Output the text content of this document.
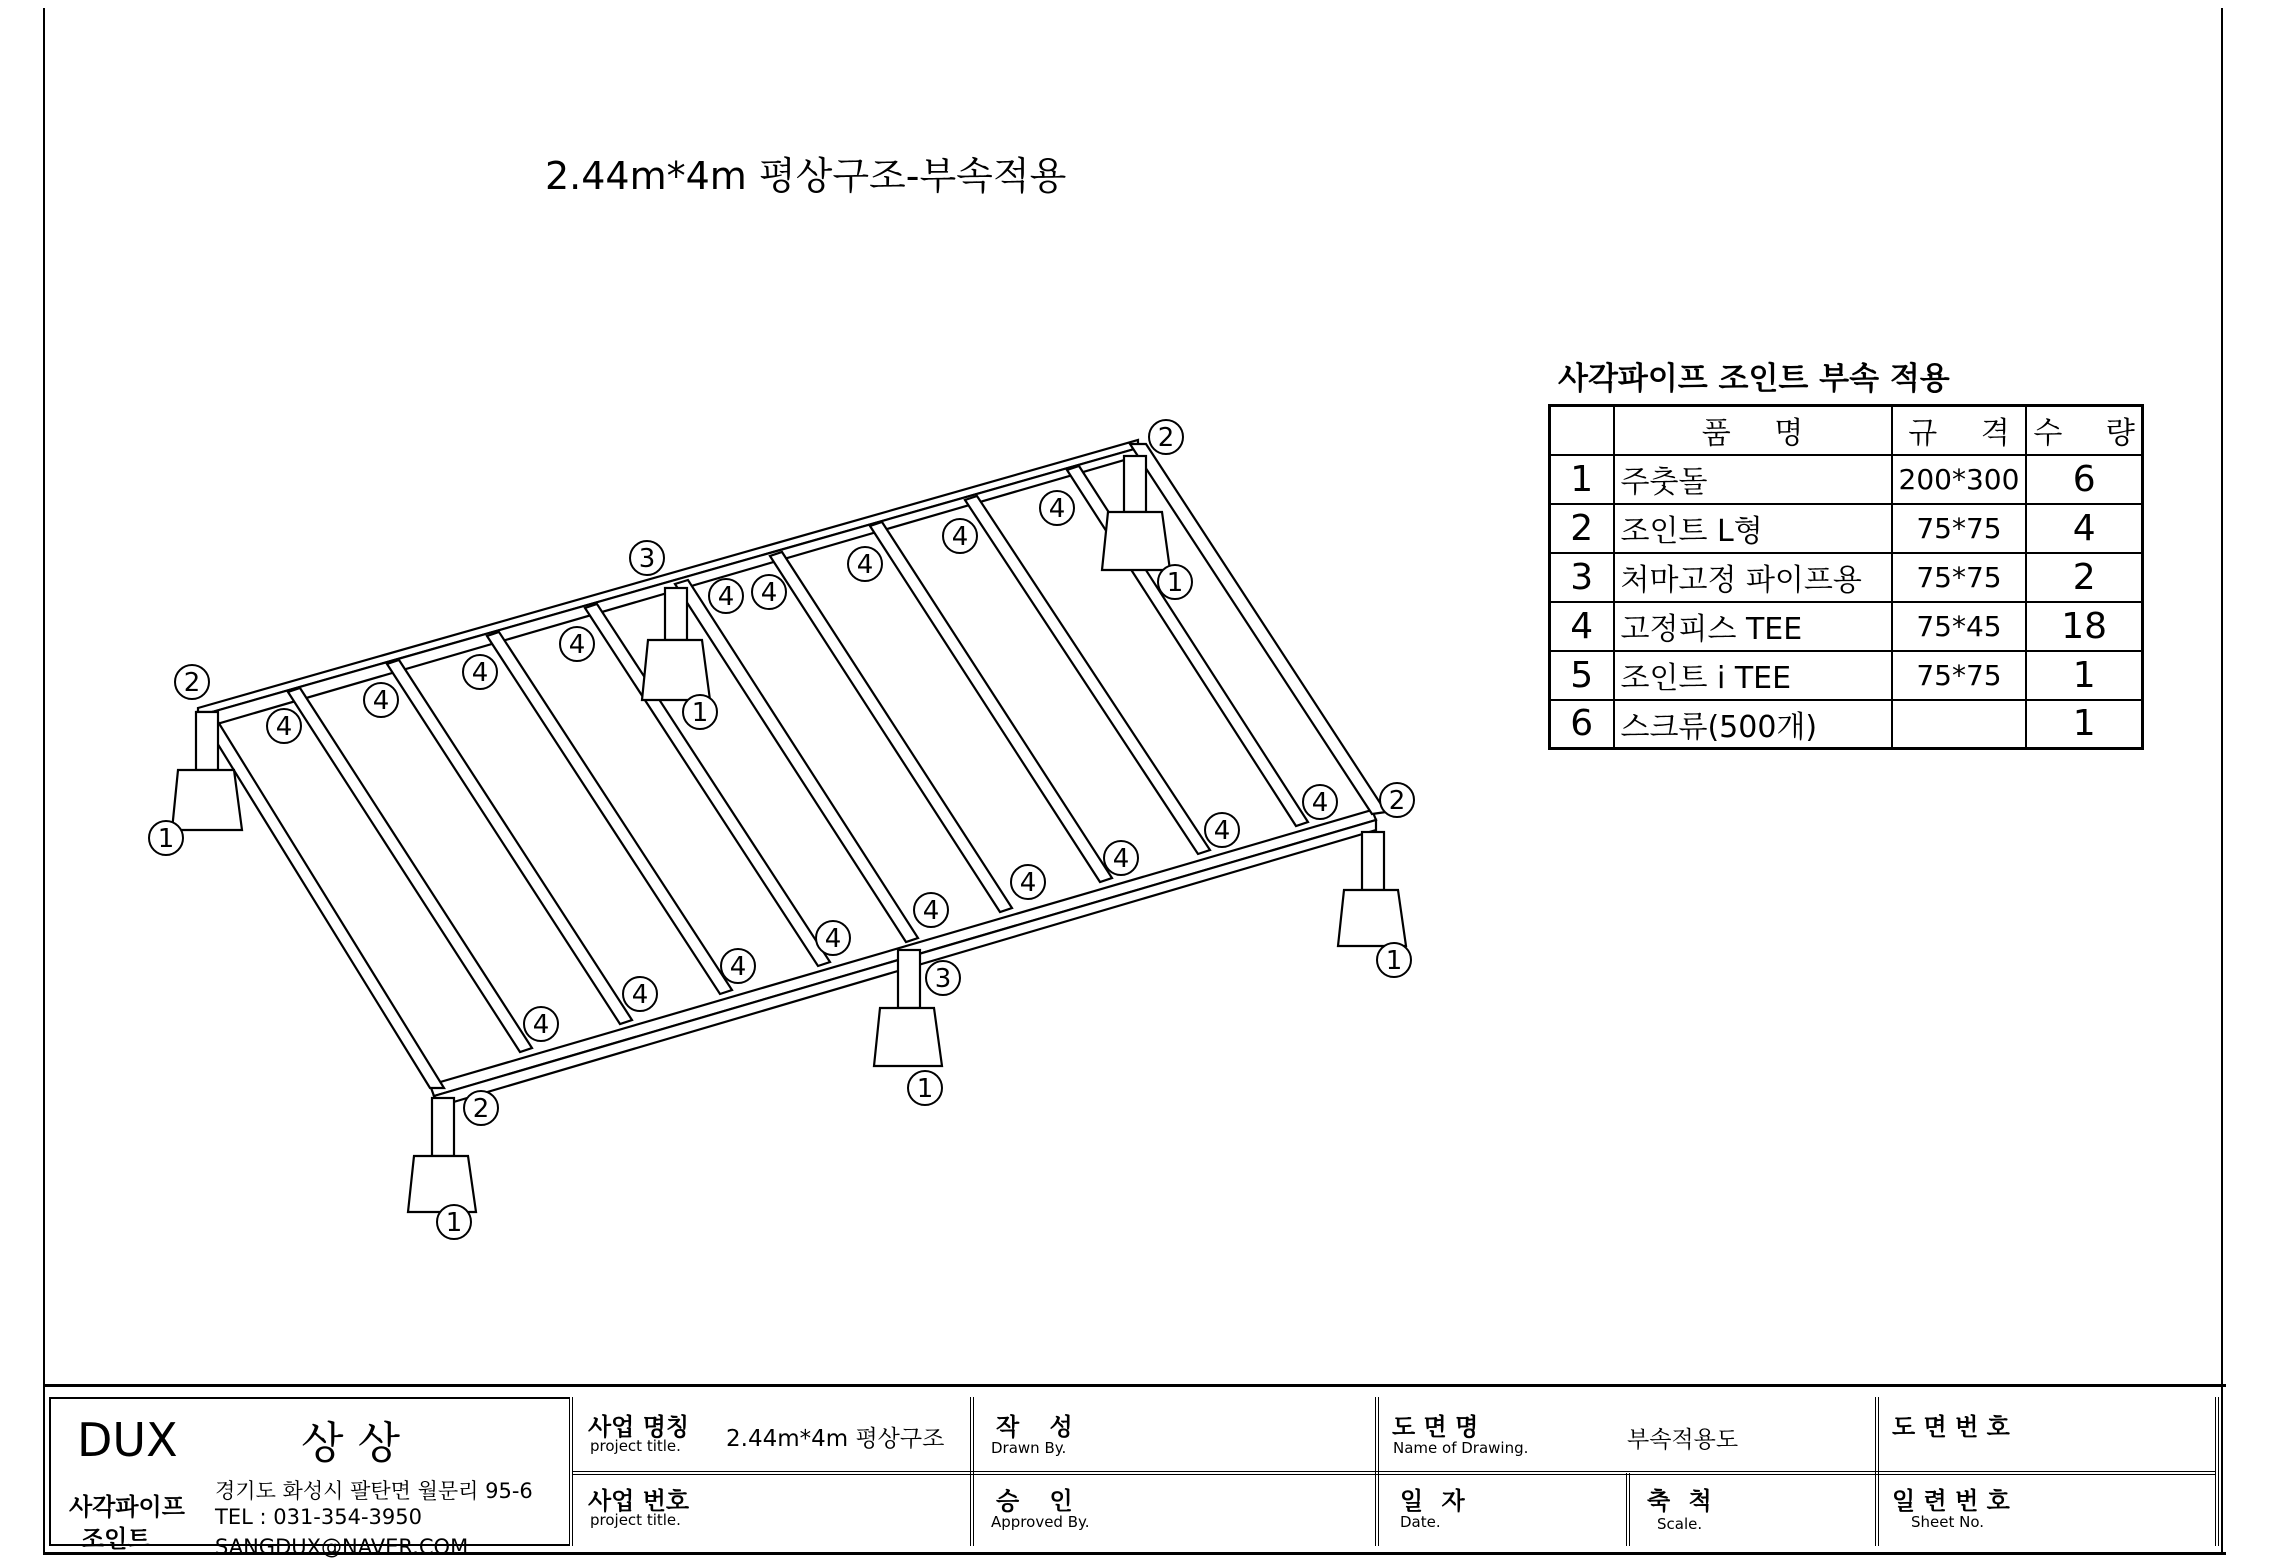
2.44m*4m 평상구조-부속적용
1
1
1
1
1
1
2
2
2
2
3
3
4
4
4
4
4 4
4
4
4
4
4
4
4
4
4
4
4
4
사각파이프 조인트 부속 적용
	품 명	규 격	수 량
1	주춧돌	200*300	6
2	조인트 L형	75*75	4
3	처마고정 파이프용	75*75	2
4	고정피스 TEE	75*45	18
5	조인트 i TEE	75*75	1
6	스크류(500개)		1
DUX	상 상
사각파이프
조인트
경기도 화성시 팔탄면 월문리 95-6
TEL : 031-354-3950
SANGDUX@NAVER.COM
사업 명칭
project title. 2.44m*4m 평상구조
사업 번호
project title.
작 성
Drawn By.
승 인
Approved By.
도 면 명
Name of Drawing.	부속적용도
일 자
Date.
축 척
Scale.
도 면 번 호
일 련 번 호
Sheet No.
